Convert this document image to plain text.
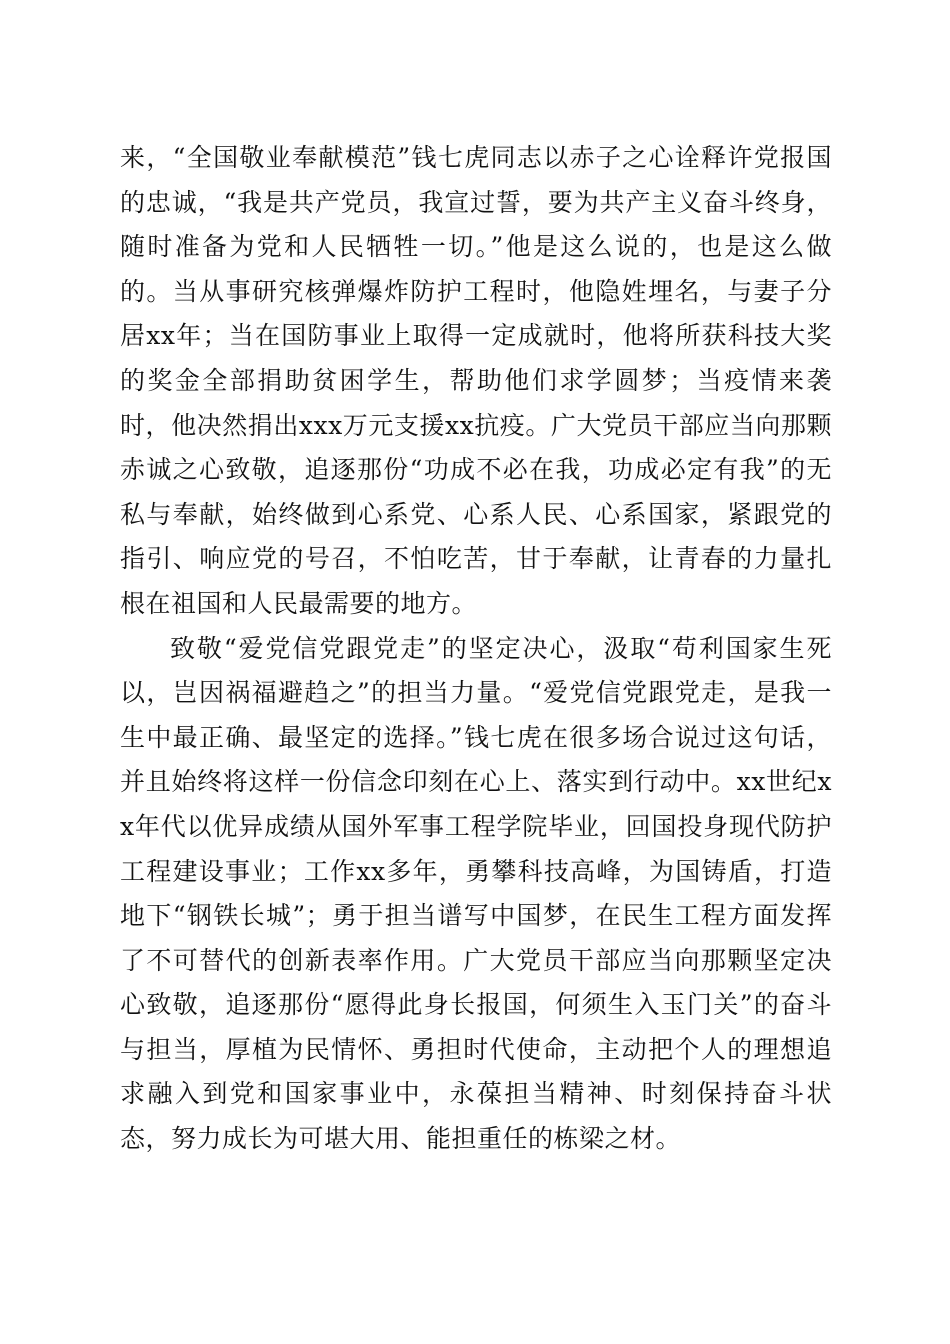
来，“全国敬业奉献模范”钱七虎同志以赤子之心诠释许党报国的忠诚，“我是共产党员，我宣过誓，要为共产主义奋斗终身，随时准备为党和人民牺牲一切。”他是这么说的，也是这么做的。当从事研究核弹爆炸防护工程时，他隐姓埋名，与妻子分居xx年；当在国防事业上取得一定成就时，他将所获科技大奖的奖金全部捐助贫困学生，帮助他们求学圆梦；当疫情来袭时，他决然捐出xxx万元支援xx抗疫。广大党员干部应当向那颗赤诚之心致敬，追逐那份“功成不必在我，功成必定有我”的无私与奉献，始终做到心系党、心系人民、心系国家，紧跟党的指引、响应党的号召，不怕吃苦，甘于奉献，让青春的力量扎根在祖国和人民最需要的地方。

致敬“爱党信党跟党走”的坚定决心，汲取“苟利国家生死以，岂因祸福避趋之”的担当力量。“爱党信党跟党走，是我一生中最正确、最坚定的选择。”钱七虎在很多场合说过这句话，并且始终将这样一份信念印刻在心上、落实到行动中。xx世纪xx年代以优异成绩从国外军事工程学院毕业，回国投身现代防护工程建设事业；工作xx多年，勇攀科技高峰，为国铸盾，打造地下“钢铁长城”；勇于担当谱写中国梦，在民生工程方面发挥了不可替代的创新表率作用。广大党员干部应当向那颗坚定决心致敬，追逐那份“愿得此身长报国，何须生入玉门关”的奋斗与担当，厚植为民情怀、勇担时代使命，主动把个人的理想追求融入到党和国家事业中，永葆担当精神、时刻保持奋斗状态，努力成长为可堪大用、能担重任的栋梁之材。
